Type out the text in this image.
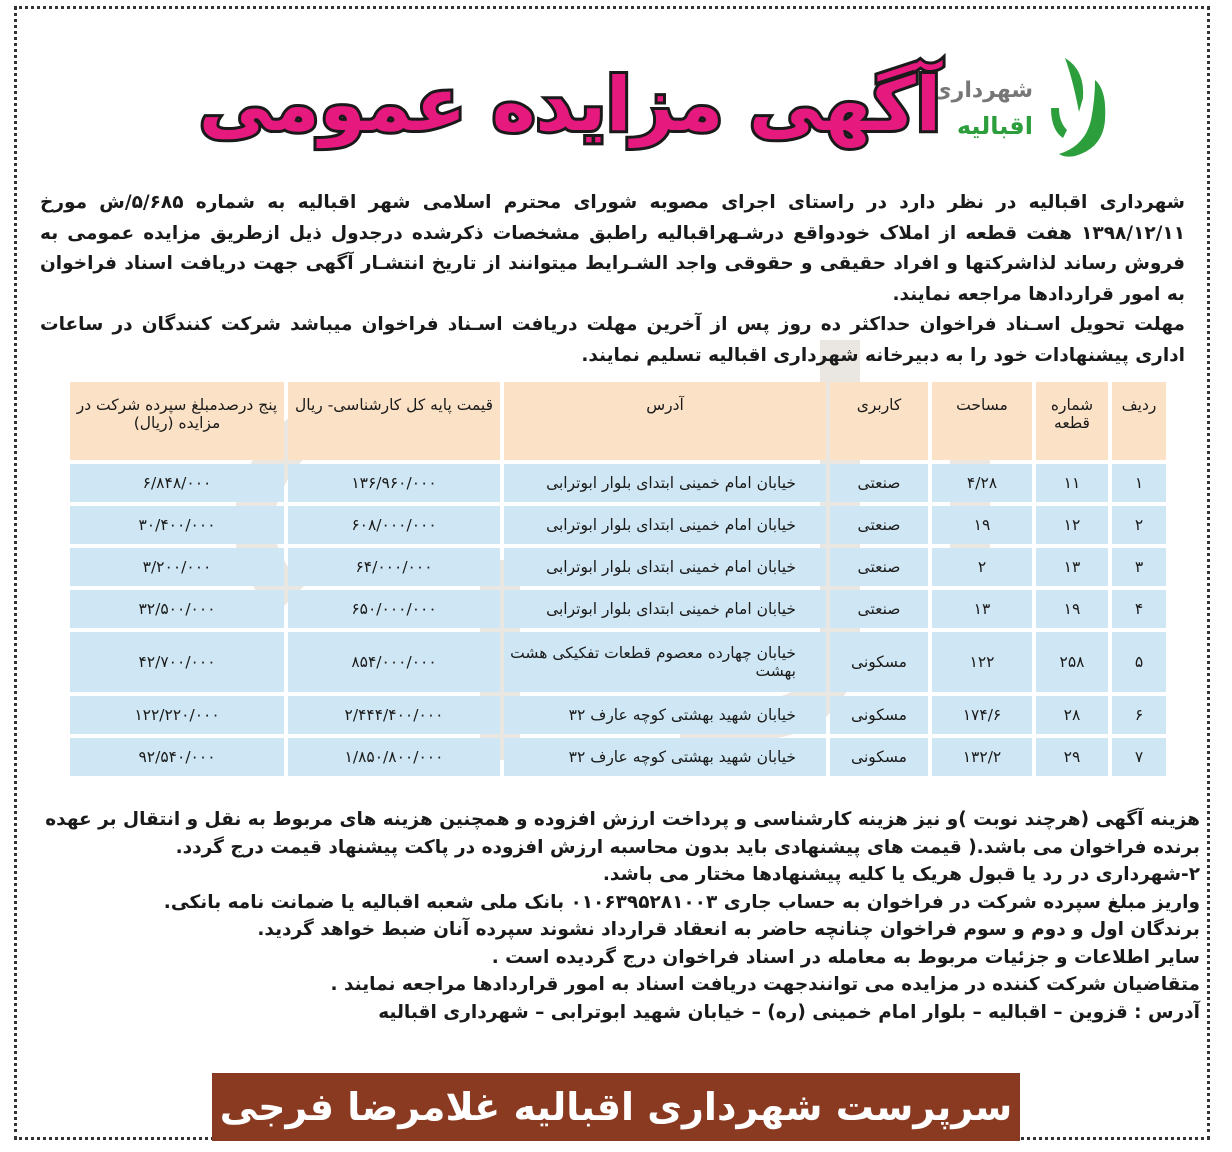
شهرداری
اقبالیه
آگهی مزایده عمومی

شهرداری اقبالیه در نظر دارد در راستای اجرای مصوبه شورای محترم اسلامی شهر اقبالیه به شماره ۵/۶۸۵/ش مورخ ۱۳۹۸/۱۲/۱۱ هفت قطعه از املاک خودواقع درشـهراقبالیه راطبق مشخصات ذکرشده درجدول ذیل ازطریق مزایده عمومی به فروش رساند لذاشرکتها و افراد حقیقی و حقوقی واجد الشـرایط میتوانند از تاریخ انتشـار آگهی جهت دریافت اسناد فراخوان به امور قراردادها مراجعه نمایند.

مهلت تحویل اسـناد فراخوان حداکثر ده روز پس از آخرین مهلت دریافت اسـناد فراخوان میباشد شرکت کنندگان در ساعات اداری پیشنهادات خود را به دبیرخانه شهرداری اقبالیه تسلیم نمایند.

ردیف	شماره قطعه	مساحت	کاربری	آدرس	قیمت پایه کل کارشناسی- ریال	پنج درصدمبلغ سپرده شرکت در مزایده (ریال)
۱	۱۱	۴/۲۸	صنعتی	خیابان امام خمینی ابتدای بلوار ابوترابی	۱۳۶/۹۶۰/۰۰۰	۶/۸۴۸/۰۰۰
۲	۱۲	۱۹	صنعتی	خیابان امام خمینی ابتدای بلوار ابوترابی	۶۰۸/۰۰۰/۰۰۰	۳۰/۴۰۰/۰۰۰
۳	۱۳	۲	صنعتی	خیابان امام خمینی ابتدای بلوار ابوترابی	۶۴/۰۰۰/۰۰۰	۳/۲۰۰/۰۰۰
۴	۱۹	۱۳	صنعتی	خیابان امام خمینی ابتدای بلوار ابوترابی	۶۵۰/۰۰۰/۰۰۰	۳۲/۵۰۰/۰۰۰
۵	۲۵۸	۱۲۲	مسکونی	خیابان چهارده معصوم قطعات تفکیکی هشت بهشت	۸۵۴/۰۰۰/۰۰۰	۴۲/۷۰۰/۰۰۰
۶	۲۸	۱۷۴/۶	مسکونی	خیابان شهید بهشتی کوچه عارف ۳۲	۲/۴۴۴/۴۰۰/۰۰۰	۱۲۲/۲۲۰/۰۰۰
۷	۲۹	۱۳۲/۲	مسکونی	خیابان شهید بهشتی کوچه عارف ۳۲	۱/۸۵۰/۸۰۰/۰۰۰	۹۲/۵۴۰/۰۰۰

هزینه آگهی (هرچند نوبت )و نیز هزینه کارشناسی و پرداخت ارزش افزوده و همچنین هزینه های مربوط به نقل و انتقال بر عهده برنده فراخوان می باشد.( قیمت های پیشنهادی باید بدون محاسبه ارزش افزوده در پاکت پیشنهاد قیمت درج گردد.

۲-شهرداری در رد یا قبول هریک یا کلیه پیشنهادها مختار می باشد.

واریز مبلغ سپرده شرکت در فراخوان به حساب جاری ۰۱۰۶۳۹۵۲۸۱۰۰۳ بانک ملی شعبه اقبالیه یا ضمانت نامه بانکی.

برندگان اول و دوم و سوم فراخوان چنانچه حاضر به انعقاد قرارداد نشوند سپرده آنان ضبط خواهد گردید.

سایر اطلاعات و جزئیات مربوط به معامله در اسناد فراخوان درج گردیده است .

متقاضیان شرکت کننده در مزایده می توانندجهت دریافت اسناد به امور قراردادها مراجعه نمایند .

آدرس : قزوین – اقبالیه – بلوار امام خمینی (ره) – خیابان شهید ابوترابی – شهرداری اقبالیه

سرپرست شهرداری اقبالیه غلامرضا فرجی
